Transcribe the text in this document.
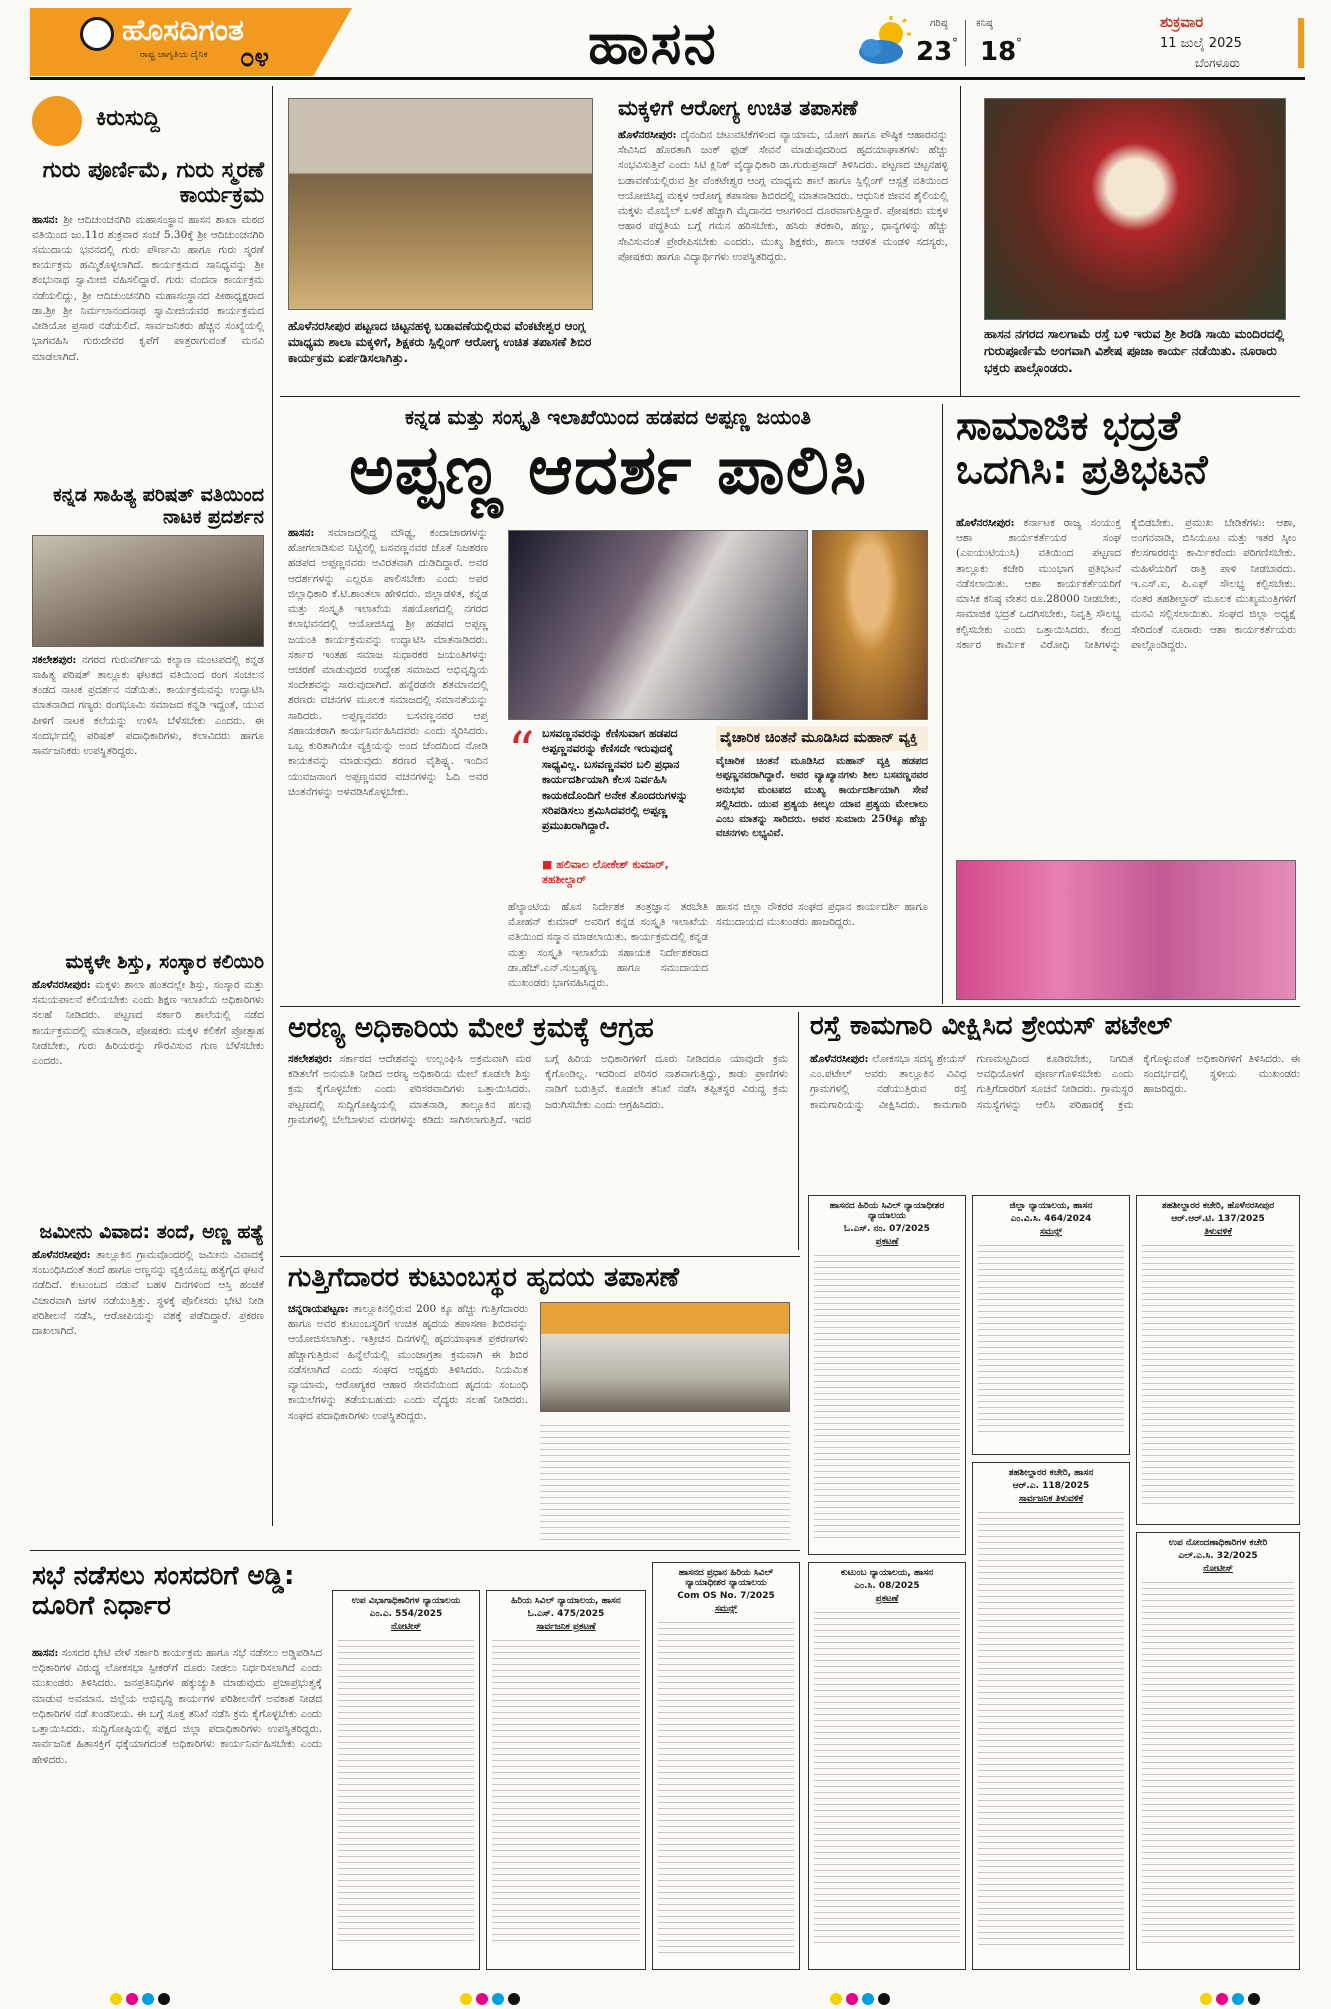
ಹೊಸದಿಗಂತ
ರಾಷ್ಟ್ರ ಜಾಗೃತಿಯ ದೈನಿಕ ೦೪	ಹಾಸನ	ಗರಿಷ್ಠ
23 °
ಕನಿಷ್ಠ
18 °
ಶುಕ್ರವಾರ
11 ಜುಲೈ 2025
ಬೆಂಗಳೂರು
ಕಿರುಸುದ್ದಿ
ಗುರು ಪೂರ್ಣಿಮೆ, ಗುರು ಸ್ಮರಣೆ ಕಾರ್ಯಕ್ರಮ
ಹಾಸನ: ಶ್ರೀ ಆದಿಚುಂಚನಗಿರಿ ಮಹಾಸಂಸ್ಥಾನ ಹಾಸನ ಶಾಖಾ ಮಠದ ವತಿಯಿಂದ ಜು.11ರ ಶುಕ್ರವಾರ ಸಂಜೆ 5.30ಕ್ಕೆ ಶ್ರೀ ಆದಿಚುಂಚನಗಿರಿ ಸಮುದಾಯ ಭವನದಲ್ಲಿ ಗುರು ಪೌರ್ಣಮಿ ಹಾಗೂ ಗುರು ಸ್ಮರಣೆ ಕಾರ್ಯಕ್ರಮ ಹಮ್ಮಿಕೊಳ್ಳಲಾಗಿದೆ. ಕಾರ್ಯಕ್ರಮದ ಸಾನಿಧ್ಯವನ್ನು ಶ್ರೀ ಶಂಭುನಾಥ ಸ್ವಾಮೀಜಿ ವಹಿಸಲಿದ್ದಾರೆ. ಗುರು ವಂದನಾ ಕಾರ್ಯಕ್ರಮ ನಡೆಯಲಿದ್ದು, ಶ್ರೀ ಆದಿಚುಂಚನಗಿರಿ ಮಹಾಸಂಸ್ಥಾನದ ಪೀಠಾಧ್ಯಕ್ಷರಾದ ಡಾ.ಶ್ರೀ ಶ್ರೀ ನಿರ್ಮಲಾನಂದನಾಥ ಸ್ವಾಮೀಜಿಯವರ ಕಾರ್ಯಕ್ರಮದ ವೀಡಿಯೋ ಪ್ರಸಾರ ನಡೆಯಲಿದೆ. ಸಾರ್ವಜನಿಕರು ಹೆಚ್ಚಿನ ಸಂಖ್ಯೆಯಲ್ಲಿ ಭಾಗವಹಿಸಿ ಗುರುದೇವರ ಕೃಪೆಗೆ ಪಾತ್ರರಾಗುವಂತೆ ಮನವಿ ಮಾಡಲಾಗಿದೆ.
ಕನ್ನಡ ಸಾಹಿತ್ಯ ಪರಿಷತ್ ವತಿಯಿಂದ ನಾಟಕ ಪ್ರದರ್ಶನ
ಸಕಲೇಶಪುರ: ನಗರದ ಗುರುವರ್ಗೀಯ ಕಲ್ಯಾಣ ಮಂಟಪದಲ್ಲಿ ಕನ್ನಡ ಸಾಹಿತ್ಯ ಪರಿಷತ್ ತಾಲ್ಲೂಕು ಘಟಕದ ವತಿಯಿಂದ ರಂಗ ಸಂಚಲನ ತಂಡದ ನಾಟಕ ಪ್ರದರ್ಶನ ನಡೆಯಿತು. ಕಾರ್ಯಕ್ರಮವನ್ನು ಉದ್ಘಾಟಿಸಿ ಮಾತನಾಡಿದ ಗಣ್ಯರು ರಂಗಭೂಮಿ ಸಮಾಜದ ಕನ್ನಡಿ ಇದ್ದಂತೆ, ಯುವ ಪೀಳಿಗೆ ನಾಟಕ ಕಲೆಯನ್ನು ಉಳಿಸಿ ಬೆಳೆಸಬೇಕು ಎಂದರು. ಈ ಸಂದರ್ಭದಲ್ಲಿ ಪರಿಷತ್ ಪದಾಧಿಕಾರಿಗಳು, ಕಲಾವಿದರು ಹಾಗೂ ಸಾರ್ವಜನಿಕರು ಉಪಸ್ಥಿತರಿದ್ದರು.
ಮಕ್ಕಳೇ ಶಿಸ್ತು, ಸಂಸ್ಕಾರ ಕಲಿಯಿರಿ
ಹೊಳೆನರಸೀಪುರ: ಮಕ್ಕಳು ಶಾಲಾ ಹಂತದಲ್ಲೇ ಶಿಸ್ತು, ಸಂಸ್ಕಾರ ಮತ್ತು ಸಮಯಪಾಲನೆ ಕಲಿಯಬೇಕು ಎಂದು ಶಿಕ್ಷಣ ಇಲಾಖೆಯ ಅಧಿಕಾರಿಗಳು ಸಲಹೆ ನೀಡಿದರು. ಪಟ್ಟಣದ ಸರ್ಕಾರಿ ಶಾಲೆಯಲ್ಲಿ ನಡೆದ ಕಾರ್ಯಕ್ರಮದಲ್ಲಿ ಮಾತನಾಡಿ, ಪೋಷಕರು ಮಕ್ಕಳ ಕಲಿಕೆಗೆ ಪ್ರೋತ್ಸಾಹ ನೀಡಬೇಕು, ಗುರು ಹಿರಿಯರನ್ನು ಗೌರವಿಸುವ ಗುಣ ಬೆಳೆಸಬೇಕು ಎಂದರು.
ಜಮೀನು ವಿವಾದ: ತಂದೆ, ಅಣ್ಣ ಹತ್ಯೆ
ಹೊಳೆನರಸೀಪುರ: ತಾಲ್ಲೂಕಿನ ಗ್ರಾಮವೊಂದರಲ್ಲಿ ಜಮೀನು ವಿವಾದಕ್ಕೆ ಸಂಬಂಧಿಸಿದಂತೆ ತಂದೆ ಹಾಗೂ ಅಣ್ಣನನ್ನು ವ್ಯಕ್ತಿಯೊಬ್ಬ ಹತ್ಯೆಗೈದ ಘಟನೆ ನಡೆದಿದೆ. ಕುಟುಂಬದ ನಡುವೆ ಬಹಳ ದಿನಗಳಿಂದ ಆಸ್ತಿ ಹಂಚಿಕೆ ವಿಚಾರವಾಗಿ ಜಗಳ ನಡೆಯುತ್ತಿತ್ತು. ಸ್ಥಳಕ್ಕೆ ಪೊಲೀಸರು ಭೇಟಿ ನೀಡಿ ಪರಿಶೀಲನೆ ನಡೆಸಿ, ಆರೋಪಿಯನ್ನು ವಶಕ್ಕೆ ಪಡೆದಿದ್ದಾರೆ. ಪ್ರಕರಣ ದಾಖಲಾಗಿದೆ.
ಹೊಳೆನರಸೀಪುರ ಪಟ್ಟಣದ ಚಿಟ್ಟನಹಳ್ಳಿ ಬಡಾವಣೆಯಲ್ಲಿರುವ ವೆಂಕಟೇಶ್ವರ ಆಂಗ್ಲ ಮಾಧ್ಯಮ ಶಾಲಾ ಮಕ್ಕಳಿಗೆ, ಶಿಕ್ಷಕರು ಸ್ಪಿಲ್ಲಿಂಗ್ ಆರೋಗ್ಯ ಉಚಿತ ತಪಾಸಣೆ ಶಿಬಿರ ಕಾರ್ಯಕ್ರಮ ಏರ್ಪಡಿಸಲಾಗಿತ್ತು.
ಮಕ್ಕಳಿಗೆ ಆರೋಗ್ಯ ಉಚಿತ ತಪಾಸಣೆ
ಹೊಳೆನರಸೀಪುರ: ದೈನಂದಿನ ಚಟುವಟಿಕೆಗಳಿಂದ ವ್ಯಾಯಾಮ, ಯೋಗ ಹಾಗೂ ಪೌಷ್ಠಿಕ ಆಹಾರವನ್ನು ಸೇವಿಸಿದ ಹೊರತಾಗಿ ಜಂಕ್ ಫುಡ್ ಸೇವನೆ ಮಾಡುವುದರಿಂದ ಹೃದಯಾಘಾತಗಳು ಹೆಚ್ಚು ಸಂಭವಿಸುತ್ತಿವೆ ಎಂದು ಸಿಟಿ ಕ್ಲಿನಿಕ್ ವೈದ್ಯಾಧಿಕಾರಿ ಡಾ.ಗುರುಪ್ರಸಾದ್ ತಿಳಿಸಿದರು. ಪಟ್ಟಣದ ಚಿಟ್ಟನಹಳ್ಳಿ ಬಡಾವಣೆಯಲ್ಲಿರುವ ಶ್ರೀ ವೆಂಕಟೇಶ್ವರ ಆಂಗ್ಲ ಮಾಧ್ಯಮ ಶಾಲೆ ಹಾಗೂ ಸ್ಪಿಲ್ಲಿಂಗ್ ಆಸ್ಪತ್ರೆ ವತಿಯಿಂದ ಆಯೋಜಿಸಿದ್ದ ಮಕ್ಕಳ ಆರೋಗ್ಯ ತಪಾಸಣಾ ಶಿಬಿರದಲ್ಲಿ ಮಾತನಾಡಿದರು. ಆಧುನಿಕ ಜೀವನ ಶೈಲಿಯಲ್ಲಿ ಮಕ್ಕಳು ಮೊಬೈಲ್ ಬಳಕೆ ಹೆಚ್ಚಾಗಿ ಮೈದಾನದ ಆಟಗಳಿಂದ ದೂರವಾಗುತ್ತಿದ್ದಾರೆ. ಪೋಷಕರು ಮಕ್ಕಳ ಆಹಾರ ಪದ್ಧತಿಯ ಬಗ್ಗೆ ಗಮನ ಹರಿಸಬೇಕು, ಹಸಿರು ತರಕಾರಿ, ಹಣ್ಣು, ಧಾನ್ಯಗಳನ್ನು ಹೆಚ್ಚು ಸೇವಿಸುವಂತೆ ಪ್ರೇರೇಪಿಸಬೇಕು ಎಂದರು. ಮುಖ್ಯ ಶಿಕ್ಷಕರು, ಶಾಲಾ ಆಡಳಿತ ಮಂಡಳಿ ಸದಸ್ಯರು, ಪೋಷಕರು ಹಾಗೂ ವಿದ್ಯಾರ್ಥಿಗಳು ಉಪಸ್ಥಿತರಿದ್ದರು.
ಹಾಸನ ನಗರದ ಸಾಲಗಾಮೆ ರಸ್ತೆ ಬಳಿ ಇರುವ ಶ್ರೀ ಶಿರಡಿ ಸಾಯಿ ಮಂದಿರದಲ್ಲಿ ಗುರುಪೂರ್ಣಿಮೆ ಅಂಗವಾಗಿ ವಿಶೇಷ ಪೂಜಾ ಕಾರ್ಯ ನಡೆಯಿತು. ನೂರಾರು ಭಕ್ತರು ಪಾಲ್ಗೊಂಡರು.
ಕನ್ನಡ ಮತ್ತು ಸಂಸ್ಕೃತಿ ಇಲಾಖೆಯಿಂದ ಹಡಪದ ಅಪ್ಪಣ್ಣ ಜಯಂತಿ
ಅಪ್ಪಣ್ಣ ಆದರ್ಶ ಪಾಲಿಸಿ
ಹಾಸನ: ಸಮಾಜದಲ್ಲಿದ್ದ ಮೌಢ್ಯ, ಕಂದಾಚಾರಗಳನ್ನು ಹೋಗಲಾಡಿಸುವ ನಿಟ್ಟಿನಲ್ಲಿ ಬಸವಣ್ಣನವರ ಜೊತೆ ನಿಜಶರಣ ಹಡಪದ ಅಪ್ಪಣ್ಣನವರು ಅವಿರತವಾಗಿ ದುಡಿದಿದ್ದಾರೆ. ಅವರ ಆದರ್ಶಗಳನ್ನು ಎಲ್ಲರೂ ಪಾಲಿಸಬೇಕು ಎಂದು ಅಪರ ಜಿಲ್ಲಾಧಿಕಾರಿ ಕೆ.ಟಿ.ಶಾಂತಲಾ ಹೇಳಿದರು. ಜಿಲ್ಲಾಡಳಿತ, ಕನ್ನಡ ಮತ್ತು ಸಂಸ್ಕೃತಿ ಇಲಾಖೆಯ ಸಹಯೋಗದಲ್ಲಿ ನಗರದ ಕಲಾಭವನದಲ್ಲಿ ಆಯೋಜಿಸಿದ್ದ ಶ್ರೀ ಹಡಪದ ಅಪ್ಪಣ್ಣ ಜಯಂತಿ ಕಾರ್ಯಕ್ರಮವನ್ನು ಉದ್ಘಾಟಿಸಿ ಮಾತನಾಡಿದರು. ಸರ್ಕಾರ ಇಂತಹ ಸಮಾಜ ಸುಧಾರಕರ ಜಯಂತಿಗಳನ್ನು ಆಚರಣೆ ಮಾಡುವುದರ ಉದ್ದೇಶ ಸಮಾಜದ ಅಭಿವೃದ್ಧಿಯ ಸಂದೇಶವನ್ನು ಸಾರುವುದಾಗಿದೆ. ಹನ್ನೆರಡನೇ ಶತಮಾನದಲ್ಲಿ ಶರಣರು ವಚನಗಳ ಮೂಲಕ ಸಮಾಜದಲ್ಲಿ ಸಮಾನತೆಯನ್ನು ಸಾರಿದರು. ಅಪ್ಪಣ್ಣನವರು ಬಸವಣ್ಣನವರ ಆಪ್ತ ಸಹಾಯಕರಾಗಿ ಕಾರ್ಯನಿರ್ವಹಿಸಿದವರು ಎಂದು ಸ್ಮರಿಸಿದರು. ಒಬ್ಬ ಕುರಿತಾಗಿಯೇ ವ್ಯಕ್ತಿಯನ್ನು ಅಂದ ಚೆಂದದಿಂದ ನೋಡಿ ಕಾಯಕವನ್ನು ಮಾಡುವುದು ಶರಣರ ವೈಶಿಷ್ಟ್ಯ. ಇಂದಿನ ಯುವಜನಾಂಗ ಅಪ್ಪಣ್ಣನವರ ವಚನಗಳನ್ನು ಓದಿ ಅವರ ಚಿಂತನೆಗಳನ್ನು ಅಳವಡಿಸಿಕೊಳ್ಳಬೇಕು.
“ ಬಸವಣ್ಣನವರನ್ನು ಕೆಣಿಸುವಾಗ ಹಡಪದ ಅಪ್ಪಣ್ಣನವರನ್ನು ಕೆಣಿಸದೇ ಇರುವುದಕ್ಕೆ ಸಾಧ್ಯವಿಲ್ಲ. ಬಸವಣ್ಣನವರ ಬಲಿ ಪ್ರಧಾನ ಕಾರ್ಯದರ್ಶಿಯಾಗಿ ಕೆಲಸ ನಿರ್ವಹಿಸಿ ಕಾಯಕದೊಂದಿಗೆ ಅನೇಕ ತೊಂದರುಗಳನ್ನು ಸರಿಪಡಿಸಲು ಶ್ರಮಿಸಿದವರಲ್ಲಿ ಅಪ್ಪಣ್ಣ ಪ್ರಮುಖರಾಗಿದ್ದಾರೆ.
■ ಹಲಿವಾಲ ಲೋಕೇಶ್ ಕುಮಾರ್, ತಹಶೀಲ್ದಾರ್
ವೈಚಾರಿಕ ಚಿಂತನೆ ಮೂಡಿಸಿದ ಮಹಾನ್ ವ್ಯಕ್ತಿ
ವೈಚಾರಿಕ ಚಿಂತನೆ ಮೂಡಿಸಿದ ಮಹಾನ್ ವ್ಯಕ್ತಿ ಹಡಪದ ಅಪ್ಪಣ್ಣನವರಾಗಿದ್ದಾರೆ. ಅವರ ವ್ಯಾಖ್ಯಾನಗಳು ಶೀಲ ಬಸವಣ್ಣನವರ ಅನುಭವ ಮಂಟಪದ ಮುಖ್ಯ ಕಾರ್ಯದರ್ಶಿಯಾಗಿ ಸೇವೆ ಸಲ್ಲಿಸಿದರು. ಯುವ ಪ್ರತ್ಯಯ ಕೀಲ್ಕಲ ಯಾವ ಪ್ರತ್ಯಯ ಮೇಲಾಲು ಎಂಬ ಮಾತನ್ನು ಸಾರಿದರು. ಅವರ ಸುಮಾರು 250ಕ್ಕೂ ಹೆಚ್ಚು ವಚನಗಳು ಲಭ್ಯವಿವೆ.
ಹೆಲ್ಯಾಂಟಿಯ ಹೊಸ ನಿರ್ದೇಶಕ ತಂತ್ರಜ್ಞಾನ ತರಬೇತಿ ಮೋಹನ್ ಕುಮಾರ್ ಅವರಿಗೆ ಕನ್ನಡ ಸಂಸ್ಕೃತಿ ಇಲಾಖೆಯ ವತಿಯಿಂದ ಸನ್ಮಾನ ಮಾಡಲಾಯಿತು. ಕಾರ್ಯಕ್ರಮದಲ್ಲಿ ಕನ್ನಡ ಮತ್ತು ಸಂಸ್ಕೃತಿ ಇಲಾಖೆಯ ಸಹಾಯಕ ನಿರ್ದೇಶಕರಾದ ಡಾ.ಹೆಚ್.ಎನ್.ಸುಬ್ರಹ್ಮಣ್ಯ ಹಾಗೂ ಸಮುದಾಯದ ಮುಖಂಡರು ಭಾಗವಹಿಸಿದ್ದರು.
ಹಾಸನ ಜಿಲ್ಲಾ ನೌಕರರ ಸಂಘದ ಪ್ರಧಾನ ಕಾರ್ಯದರ್ಶಿ ಹಾಗೂ ಸಮುದಾಯದ ಮುಖಂಡರು ಹಾಜರಿದ್ದರು.
ಸಾಮಾಜಿಕ ಭದ್ರತೆ ಒದಗಿಸಿ: ಪ್ರತಿಭಟನೆ
ಹೊಳೆನರಸೀಪುರ: ಕರ್ನಾಟಕ ರಾಜ್ಯ ಸಂಯುಕ್ತ ಆಶಾ ಕಾರ್ಯಕರ್ತೆಯರ ಸಂಘ (ಎಐಯುಟಿಯುಸಿ) ವತಿಯಿಂದ ಪಟ್ಟಣದ ತಾಲ್ಲೂಕು ಕಚೇರಿ ಮುಂಭಾಗ ಪ್ರತಿಭಟನೆ ನಡೆಸಲಾಯಿತು. ಆಶಾ ಕಾರ್ಯಕರ್ತೆಯರಿಗೆ ಮಾಸಿಕ ಕನಿಷ್ಠ ವೇತನ ರೂ.28000 ನೀಡಬೇಕು, ಸಾಮಾಜಿಕ ಭದ್ರತೆ ಒದಗಿಸಬೇಕು, ನಿವೃತ್ತಿ ಸೌಲಭ್ಯ ಕಲ್ಪಿಸಬೇಕು ಎಂದು ಒತ್ತಾಯಿಸಿದರು. ಕೇಂದ್ರ ಸರ್ಕಾರ ಕಾರ್ಮಿಕ ವಿರೋಧಿ ನೀತಿಗಳನ್ನು ಕೈಬಿಡಬೇಕು. ಪ್ರಮುಖ ಬೇಡಿಕೆಗಳು: ಆಶಾ, ಅಂಗನವಾಡಿ, ಬಿಸಿಯೂಟ ಮತ್ತು ಇತರ ಸ್ಕೀಂ ಕೆಲಸಗಾರರನ್ನು ಕಾರ್ಮಿಕರೆಂದು ಪರಿಗಣಿಸಬೇಕು. ಮಹಿಳೆಯರಿಗೆ ರಾತ್ರಿ ಪಾಳಿ ನೀಡಬಾರದು. ಇ.ಎಸ್.ಐ, ಪಿ.ಎಫ್ ಸೌಲಭ್ಯ ಕಲ್ಪಿಸಬೇಕು. ನಂತರ ತಹಶೀಲ್ದಾರ್ ಮೂಲಕ ಮುಖ್ಯಮಂತ್ರಿಗಳಿಗೆ ಮನವಿ ಸಲ್ಲಿಸಲಾಯಿತು. ಸಂಘದ ಜಿಲ್ಲಾ ಅಧ್ಯಕ್ಷೆ ಸೇರಿದಂತೆ ನೂರಾರು ಆಶಾ ಕಾರ್ಯಕರ್ತೆಯರು ಪಾಲ್ಗೊಂಡಿದ್ದರು.
ಅರಣ್ಯ ಅಧಿಕಾರಿಯ ಮೇಲೆ ಕ್ರಮಕ್ಕೆ ಆಗ್ರಹ
ಸಕಲೇಶಪುರ: ಸರ್ಕಾರದ ಆದೇಶವನ್ನು ಉಲ್ಲಂಘಿಸಿ ಅಕ್ರಮವಾಗಿ ಮರ ಕಡಿತಲೆಗೆ ಅನುಮತಿ ನೀಡಿದ ಅರಣ್ಯ ಅಧಿಕಾರಿಯ ಮೇಲೆ ಕೂಡಲೇ ಶಿಸ್ತು ಕ್ರಮ ಕೈಗೊಳ್ಳಬೇಕು ಎಂದು ಪರಿಸರವಾದಿಗಳು ಒತ್ತಾಯಿಸಿದರು. ಪಟ್ಟಣದಲ್ಲಿ ಸುದ್ದಿಗೋಷ್ಠಿಯಲ್ಲಿ ಮಾತನಾಡಿ, ತಾಲ್ಲೂಕಿನ ಹಲವು ಗ್ರಾಮಗಳಲ್ಲಿ ಬೆಲೆಬಾಳುವ ಮರಗಳನ್ನು ಕಡಿದು ಸಾಗಿಸಲಾಗುತ್ತಿದೆ. ಇದರ ಬಗ್ಗೆ ಹಿರಿಯ ಅಧಿಕಾರಿಗಳಿಗೆ ದೂರು ನೀಡಿದರೂ ಯಾವುದೇ ಕ್ರಮ ಕೈಗೊಂಡಿಲ್ಲ. ಇದರಿಂದ ಪರಿಸರ ನಾಶವಾಗುತ್ತಿದ್ದು, ಕಾಡು ಪ್ರಾಣಿಗಳು ನಾಡಿಗೆ ಬರುತ್ತಿವೆ. ಕೂಡಲೇ ತನಿಖೆ ನಡೆಸಿ ತಪ್ಪಿತಸ್ಥರ ವಿರುದ್ಧ ಕ್ರಮ ಜರುಗಿಸಬೇಕು ಎಂದು ಆಗ್ರಹಿಸಿದರು.
ರಸ್ತೆ ಕಾಮಗಾರಿ ವೀಕ್ಷಿಸಿದ ಶ್ರೇಯಸ್ ಪಟೇಲ್
ಹೊಳೆನರಸೀಪುರ: ಲೋಕಸಭಾ ಸದಸ್ಯ ಶ್ರೇಯಸ್ ಎಂ.ಪಟೇಲ್ ಅವರು ತಾಲ್ಲೂಕಿನ ವಿವಿಧ ಗ್ರಾಮಗಳಲ್ಲಿ ನಡೆಯುತ್ತಿರುವ ರಸ್ತೆ ಕಾಮಗಾರಿಯನ್ನು ವೀಕ್ಷಿಸಿದರು. ಕಾಮಗಾರಿ ಗುಣಮಟ್ಟದಿಂದ ಕೂಡಿರಬೇಕು, ನಿಗದಿತ ಅವಧಿಯೊಳಗೆ ಪೂರ್ಣಗೊಳಿಸಬೇಕು ಎಂದು ಗುತ್ತಿಗೆದಾರರಿಗೆ ಸೂಚನೆ ನೀಡಿದರು. ಗ್ರಾಮಸ್ಥರ ಸಮಸ್ಯೆಗಳನ್ನು ಆಲಿಸಿ ಪರಿಹಾರಕ್ಕೆ ಕ್ರಮ ಕೈಗೊಳ್ಳುವಂತೆ ಅಧಿಕಾರಿಗಳಿಗೆ ತಿಳಿಸಿದರು. ಈ ಸಂದರ್ಭದಲ್ಲಿ ಸ್ಥಳೀಯ ಮುಖಂಡರು ಹಾಜರಿದ್ದರು.
ಗುತ್ತಿಗೆದಾರರ ಕುಟುಂಬಸ್ಥರ ಹೃದಯ ತಪಾಸಣೆ
ಚನ್ನರಾಯಪಟ್ಟಣ: ತಾಲ್ಲೂಕಿನಲ್ಲಿರುವ 200 ಕ್ಕೂ ಹೆಚ್ಚು ಗುತ್ತಿಗೆದಾರರು ಹಾಗೂ ಅವರ ಕುಟುಂಬಸ್ಥರಿಗೆ ಉಚಿತ ಹೃದಯ ತಪಾಸಣಾ ಶಿಬಿರವನ್ನು ಆಯೋಜಿಸಲಾಗಿತ್ತು. ಇತ್ತೀಚಿನ ದಿನಗಳಲ್ಲಿ ಹೃದಯಾಘಾತ ಪ್ರಕರಣಗಳು ಹೆಚ್ಚಾಗುತ್ತಿರುವ ಹಿನ್ನೆಲೆಯಲ್ಲಿ ಮುಂಜಾಗ್ರತಾ ಕ್ರಮವಾಗಿ ಈ ಶಿಬಿರ ನಡೆಸಲಾಗಿದೆ ಎಂದು ಸಂಘದ ಅಧ್ಯಕ್ಷರು ತಿಳಿಸಿದರು. ನಿಯಮಿತ ವ್ಯಾಯಾಮ, ಆರೋಗ್ಯಕರ ಆಹಾರ ಸೇವನೆಯಿಂದ ಹೃದಯ ಸಂಬಂಧಿ ಕಾಯಿಲೆಗಳನ್ನು ತಡೆಯಬಹುದು ಎಂದು ವೈದ್ಯರು ಸಲಹೆ ನೀಡಿದರು. ಸಂಘದ ಪದಾಧಿಕಾರಿಗಳು ಉಪಸ್ಥಿತರಿದ್ದರು.
ಸಭೆ ನಡೆಸಲು ಸಂಸದರಿಗೆ ಅಡ್ಡಿ: ದೂರಿಗೆ ನಿರ್ಧಾರ
ಹಾಸನ: ಸಂಸದರ ಭೇಟಿ ವೇಳೆ ಸರ್ಕಾರಿ ಕಾರ್ಯಕ್ರಮ ಹಾಗೂ ಸಭೆ ನಡೆಸಲು ಅಡ್ಡಿಪಡಿಸಿದ ಅಧಿಕಾರಿಗಳ ವಿರುದ್ಧ ಲೋಕಸಭಾ ಸ್ಪೀಕರ್‌ಗೆ ದೂರು ನೀಡಲು ನಿರ್ಧರಿಸಲಾಗಿದೆ ಎಂದು ಮುಖಂಡರು ತಿಳಿಸಿದರು. ಜನಪ್ರತಿನಿಧಿಗಳ ಹಕ್ಕುಚ್ಯುತಿ ಮಾಡುವುದು ಪ್ರಜಾಪ್ರಭುತ್ವಕ್ಕೆ ಮಾಡುವ ಅವಮಾನ. ಜಿಲ್ಲೆಯ ಅಭಿವೃದ್ಧಿ ಕಾರ್ಯಗಳ ಪರಿಶೀಲನೆಗೆ ಅವಕಾಶ ನೀಡದ ಅಧಿಕಾರಿಗಳ ನಡೆ ಖಂಡನೀಯ. ಈ ಬಗ್ಗೆ ಸೂಕ್ತ ತನಿಖೆ ನಡೆಸಿ ಕ್ರಮ ಕೈಗೊಳ್ಳಬೇಕು ಎಂದು ಒತ್ತಾಯಿಸಿದರು. ಸುದ್ದಿಗೋಷ್ಠಿಯಲ್ಲಿ ಪಕ್ಷದ ಜಿಲ್ಲಾ ಪದಾಧಿಕಾರಿಗಳು ಉಪಸ್ಥಿತರಿದ್ದರು. ಸಾರ್ವಜನಿಕ ಹಿತಾಸಕ್ತಿಗೆ ಧಕ್ಕೆಯಾಗದಂತೆ ಅಧಿಕಾರಿಗಳು ಕಾರ್ಯನಿರ್ವಹಿಸಬೇಕು ಎಂದು ಹೇಳಿದರು.
ಹಾಸನದ ಹಿರಿಯ ಸಿವಿಲ್ ನ್ಯಾಯಾಧೀಶರ ನ್ಯಾಯಾಲಯ
ಓ.ಎಸ್. ನಂ. 07/2025
ಪ್ರಕಟಣೆ
ಜಿಲ್ಲಾ ನ್ಯಾಯಾಲಯ, ಹಾಸನ
ಎಂ.ವಿ.ಸಿ. 464/2024
ಸಮನ್ಸ್
ತಹಶೀಲ್ದಾರರ ಕಚೇರಿ, ಹೊಳೆನರಸೀಪುರ
ಆರ್.ಆರ್.ಟಿ. 137/2025
ತಿಳುವಳಿಕೆ
ಉಪ ವಿಭಾಗಾಧಿಕಾರಿಗಳ ನ್ಯಾಯಾಲಯ
ಎಂ.ಎ. 554/2025
ನೋಟೀಸ್
ಹಿರಿಯ ಸಿವಿಲ್ ನ್ಯಾಯಾಲಯ, ಹಾಸನ
ಓ.ಎಸ್. 475/2025
ಸಾರ್ವಜನಿಕ ಪ್ರಕಟಣೆ
ಹಾಸನದ ಪ್ರಧಾನ ಹಿರಿಯ ಸಿವಿಲ್ ನ್ಯಾಯಾಧೀಶರ ನ್ಯಾಯಾಲಯ
Com OS No. 7/2025
ಸಮನ್ಸ್
ಕುಟುಂಬ ನ್ಯಾಯಾಲಯ, ಹಾಸನ
ಎಂ.ಸಿ. 08/2025
ಪ್ರಕಟಣೆ
ತಹಶೀಲ್ದಾರರ ಕಚೇರಿ, ಹಾಸನ
ಆರ್.ಎ. 118/2025
ಸಾರ್ವಜನಿಕ ತಿಳುವಳಿಕೆ
ಉಪ ನೋಂದಣಾಧಿಕಾರಿಗಳ ಕಚೇರಿ
ಎಲ್.ಎ.ಸಿ. 32/2025
ನೋಟೀಸ್
